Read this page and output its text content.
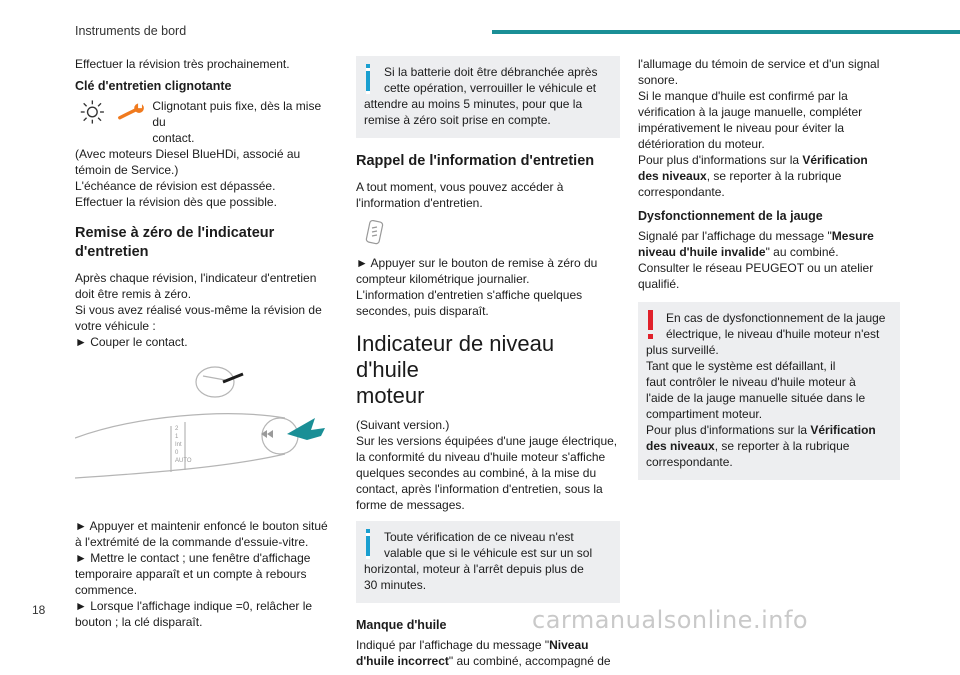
Instruments de bord

Effectuer la révision très prochainement.

Clé d'entretien clignotante
Clignotant puis fixe, dès la mise du
contact.

(Avec moteurs Diesel BlueHDi, associé au
témoin de Service.)
L'échéance de révision est dépassée.
Effectuer la révision dès que possible.

Remise à zéro de l'indicateur
d'entretien

Après chaque révision, l'indicateur d'entretien
doit être remis à zéro.
Si vous avez réalisé vous-même la révision de
votre véhicule :
► Couper le contact.

2
1
Int
0
AUTO

► Appuyer et maintenir enfoncé le bouton situé
à l'extrémité de la commande d'essuie-vitre.
► Mettre le contact ; une fenêtre d'affichage
temporaire apparaît et un compte à rebours
commence.
► Lorsque l'affichage indique =0, relâcher le
bouton ; la clé disparaît.

Si la batterie doit être débranchée après
cette opération, verrouiller le véhicule et
attendre au moins 5 minutes, pour que la
remise à zéro soit prise en compte.
Rappel de l'information d'entretien

A tout moment, vous pouvez accéder à
l'information d'entretien.

► Appuyer sur le bouton de remise à zéro du
compteur kilométrique journalier.
L'information d'entretien s'affiche quelques
secondes, puis disparaît.

Indicateur de niveau d'huile
moteur

(Suivant version.)
Sur les versions équipées d'une jauge électrique,
la conformité du niveau d'huile moteur s'affiche
quelques secondes au combiné, à la mise du
contact, après l'information d'entretien, sous la
forme de messages.

Toute vérification de ce niveau n'est
valable que si le véhicule est sur un sol
horizontal, moteur à l'arrêt depuis plus de
30 minutes.
Manque d'huile

Indiqué par l'affichage du message "Niveau
d'huile incorrect" au combiné, accompagné de

l'allumage du témoin de service et d'un signal
sonore.
Si le manque d'huile est confirmé par la
vérification à la jauge manuelle, compléter
impérativement le niveau pour éviter la
détérioration du moteur.
Pour plus d'informations sur la Vérification
des niveaux, se reporter à la rubrique
correspondante.

Dysfonctionnement de la jauge

Signalé par l'affichage du message "Mesure
niveau d'huile invalide" au combiné.

Consulter le réseau PEUGEOT ou un atelier
qualifié.

En cas de dysfonctionnement de la jauge
électrique, le niveau d'huile moteur n'est
plus surveillé.
Tant que le système est défaillant, il
faut contrôler le niveau d'huile moteur à
l'aide de la jauge manuelle située dans le
compartiment moteur.
Pour plus d'informations sur la Vérification
des niveaux, se reporter à la rubrique
correspondante.
18	carmanualsonline.info
